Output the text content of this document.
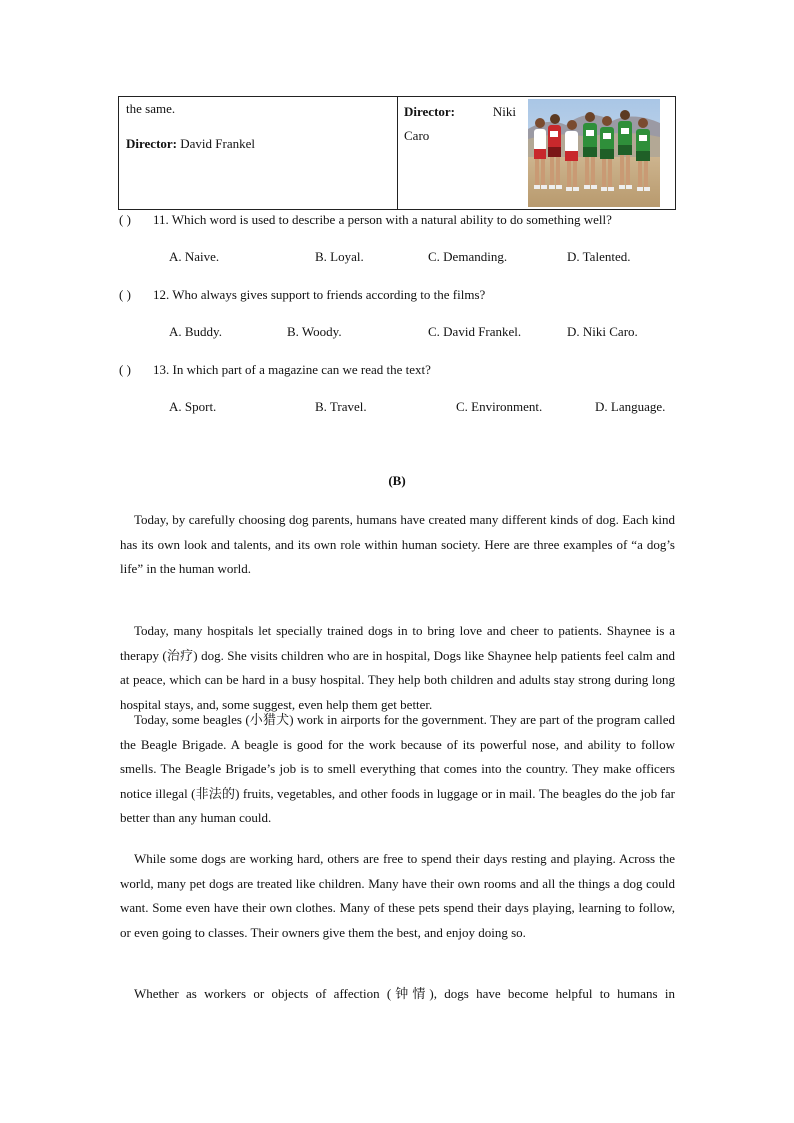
the same.
Director: David Frankel
Director:	Niki
Caro
( ) 11. Which word is used to describe a person with a natural ability to do something well?
A. Naive.	B. Loyal.	C. Demanding.	D. Talented.
( ) 12. Who always gives support to friends according to the films?
A. Buddy.	B. Woody.	C. David Frankel.	D. Niki Caro.
( ) 13. In which part of a magazine can we read the text?
A. Sport.	B. Travel.	C. Environment.	D. Language.
(B)

Today, by carefully choosing dog parents, humans have created many different kinds of dog. Each kind has its own look and talents, and its own role within human society. Here are three examples of “a dog’s life” in the human world.

Today, many hospitals let specially trained dogs in to bring love and cheer to patients. Shaynee is a therapy (治疗) dog. She visits children who are in hospital, Dogs like Shaynee help patients feel calm and at peace, which can be hard in a busy hospital. They help both children and adults stay strong during long hospital stays, and, some suggest, even help them get better.

Today, some beagles (小猎犬) work in airports for the government. They are part of the program called the Beagle Brigade. A beagle is good for the work because of its powerful nose, and ability to follow smells. The Beagle Brigade’s job is to smell everything that comes into the country. They make officers notice illegal (非法的) fruits, vegetables, and other foods in luggage or in mail. The beagles do the job far better than any human could.

While some dogs are working hard, others are free to spend their days resting and playing. Across the world, many pet dogs are treated like children. Many have their own rooms and all the things a dog could want. Some even have their own clothes. Many of these pets spend their days playing, learning to follow, or even going to classes. Their owners give them the best, and enjoy doing so.

Whether as workers or objects of affection (钟情), dogs have become helpful to humans in
